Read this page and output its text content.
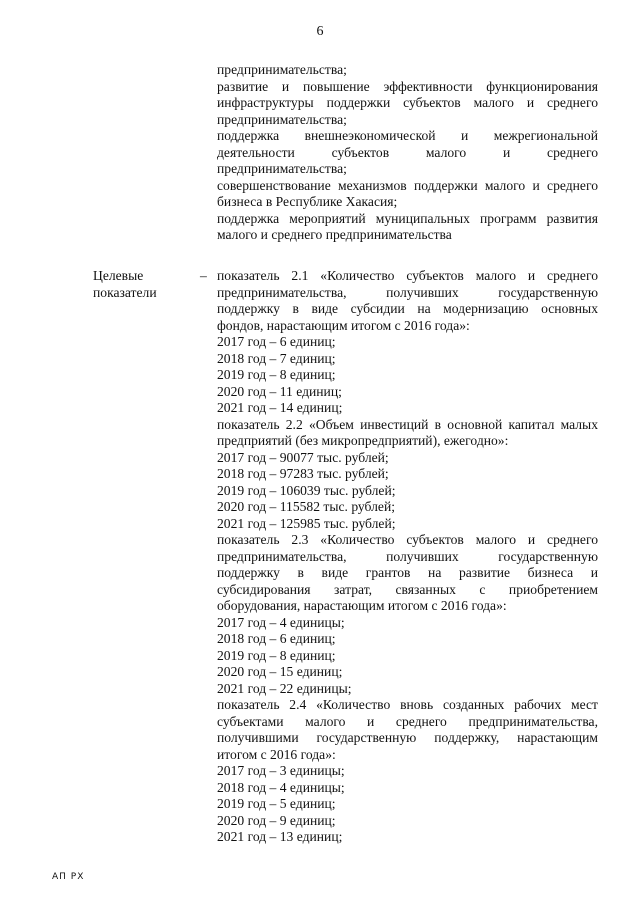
6
предпринимательства;
развитие и повышение эффективности функционирования
инфраструктуры поддержки субъектов малого и среднего
предпринимательства;
поддержка внешнеэкономической и межрегиональной
деятельности субъектов малого и среднего
предпринимательства;
совершенствование механизмов поддержки малого и среднего
бизнеса в Республике Хакасия;
поддержка мероприятий муниципальных программ развития
малого и среднего предпринимательства
Целевые
показатели
– показатель 2.1 «Количество субъектов малого и среднего
предпринимательства, получивших государственную
поддержку в виде субсидии на модернизацию основных
фондов, нарастающим итогом с 2016 года»:
2017 год – 6 единиц;
2018 год – 7 единиц;
2019 год – 8 единиц;
2020 год – 11 единиц;
2021 год – 14 единиц;
показатель 2.2 «Объем инвестиций в основной капитал малых
предприятий (без микропредприятий), ежегодно»:
2017 год – 90077 тыс. рублей;
2018 год – 97283 тыс. рублей;
2019 год – 106039 тыс. рублей;
2020 год – 115582 тыс. рублей;
2021 год – 125985 тыс. рублей;
показатель 2.3 «Количество субъектов малого и среднего
предпринимательства, получивших государственную
поддержку в виде грантов на развитие бизнеса и
субсидирования затрат, связанных с приобретением
оборудования, нарастающим итогом с 2016 года»:
2017 год – 4 единицы;
2018 год – 6 единиц;
2019 год – 8 единиц;
2020 год – 15 единиц;
2021 год – 22 единицы;
показатель 2.4 «Количество вновь созданных рабочих мест
субъектами малого и среднего предпринимательства,
получившими государственную поддержку, нарастающим
итогом с 2016 года»:
2017 год – 3 единицы;
2018 год – 4 единицы;
2019 год – 5 единиц;
2020 год – 9 единиц;
2021 год – 13 единиц;
АП РХ
